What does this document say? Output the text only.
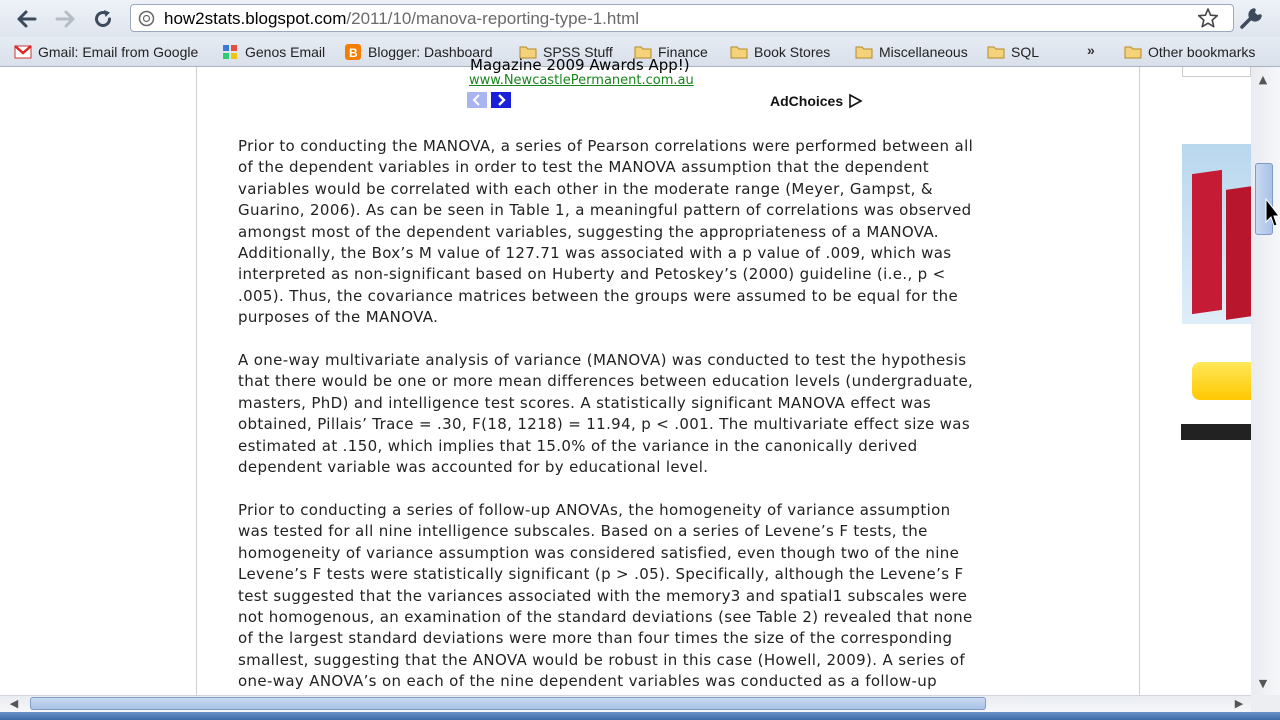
how2stats.blogspot.com/2011/10/manova-reporting-type-1.html
Gmail: Email from Google	Genos Email B Blogger: Dashboard	SPSS Stuff	Finance	Book Stores	Miscellaneous	SQL	»	Other bookmarks
Magazine 2009 Awards App!)
www.NewcastlePermanent.com.au
AdChoices
Prior to conducting the MANOVA, a series of Pearson correlations were performed between all
of the dependent variables in order to test the MANOVA assumption that the dependent
variables would be correlated with each other in the moderate range (Meyer, Gampst, &
Guarino, 2006). As can be seen in Table 1, a meaningful pattern of correlations was observed
amongst most of the dependent variables, suggesting the appropriateness of a MANOVA.
Additionally, the Box’s M value of 127.71 was associated with a p value of .009, which was
interpreted as non-significant based on Huberty and Petoskey’s (2000) guideline (i.e., p <
.005). Thus, the covariance matrices between the groups were assumed to be equal for the
purposes of the MANOVA.
A one-way multivariate analysis of variance (MANOVA) was conducted to test the hypothesis
that there would be one or more mean differences between education levels (undergraduate,
masters, PhD) and intelligence test scores. A statistically significant MANOVA effect was
obtained, Pillais’ Trace = .30, F(18, 1218) = 11.94, p < .001. The multivariate effect size was
estimated at .150, which implies that 15.0% of the variance in the canonically derived
dependent variable was accounted for by educational level.
Prior to conducting a series of follow-up ANOVAs, the homogeneity of variance assumption
was tested for all nine intelligence subscales. Based on a series of Levene’s F tests, the
homogeneity of variance assumption was considered satisfied, even though two of the nine
Levene’s F tests were statistically significant (p > .05). Specifically, although the Levene’s F
test suggested that the variances associated with the memory3 and spatial1 subscales were
not homogenous, an examination of the standard deviations (see Table 2) revealed that none
of the largest standard deviations were more than four times the size of the corresponding
smallest, suggesting that the ANOVA would be robust in this case (Howell, 2009). A series of
one-way ANOVA’s on each of the nine dependent variables was conducted as a follow-up
▲
▼
◀	▶
